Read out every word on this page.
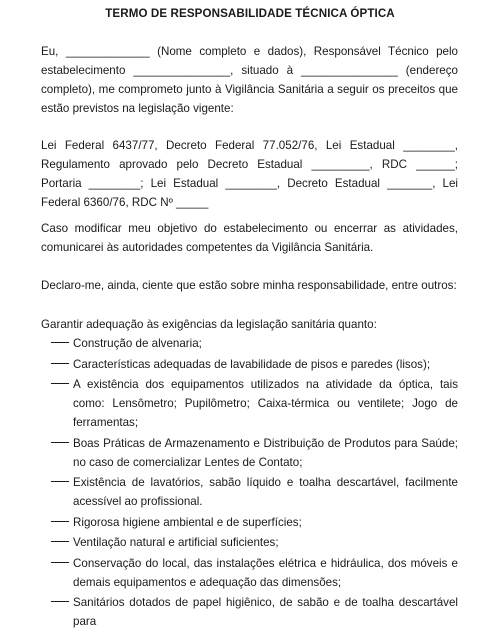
TERMO DE RESPONSABILIDADE TÉCNICA ÓPTICA

Eu, _____________ (Nome completo e dados), Responsável Técnico pelo estabelecimento _______________, situado à _______________ (endereço completo), me comprometo junto à Vigilância Sanitária a seguir os preceitos que estão previstos na legislação vigente:

Lei Federal 6437/77, Decreto Federal 77.052/76, Lei Estadual ________, Regulamento aprovado pelo Decreto Estadual _________, RDC ______; Portaria ________; Lei Estadual ________, Decreto Estadual _______, Lei Federal 6360/76, RDC Nº _____

Caso modificar meu objetivo do estabelecimento ou encerrar as atividades, comunicarei às autoridades competentes da Vigilância Sanitária.

Declaro-me, ainda, ciente que estão sobre minha responsabilidade, entre outros:

Garantir adequação às exigências da legislação sanitária quanto:

Construção de alvenaria;
Características adequadas de lavabilidade de pisos e paredes (lisos);
A existência dos equipamentos utilizados na atividade da óptica, tais como: Lensômetro; Pupilômetro; Caixa-térmica ou ventilete; Jogo de ferramentas;
Boas Práticas de Armazenamento e Distribuição de Produtos para Saúde; no caso de comercializar Lentes de Contato;
Existência de lavatórios, sabão líquido e toalha descartável, facilmente acessível ao profissional.
Rigorosa higiene ambiental e de superfícies;
Ventilação natural e artificial suficientes;
Conservação do local, das instalações elétrica e hidráulica, dos móveis e demais equipamentos e adequação das dimensões;
Sanitários dotados de papel higiênico, de sabão e de toalha descartável para
